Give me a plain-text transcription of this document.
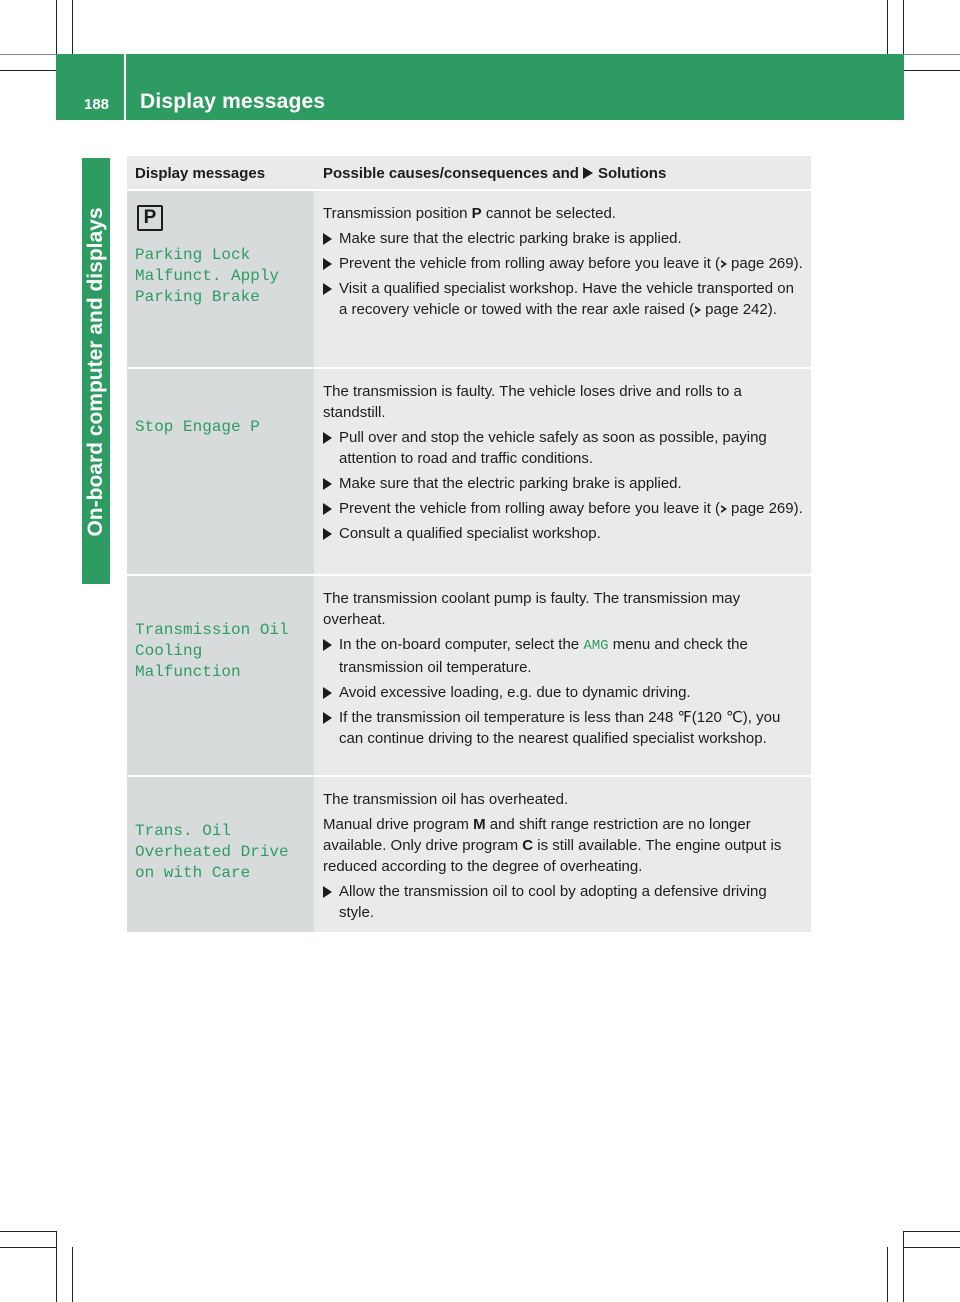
188 Display messages
On-board computer and displays
Display messages	Possible causes/consequences and Solutions
P
Parking Lock
Malfunct. Apply
Parking Brake

Transmission position P cannot be selected.

Make sure that the electric parking brake is applied.
Prevent the vehicle from rolling away before you leave it ( page 269).
Visit a qualified specialist workshop. Have the vehicle transported on a recovery vehicle or towed with the rear axle raised ( page 242).
Stop Engage P

The transmission is faulty. The vehicle loses drive and rolls to a standstill.

Pull over and stop the vehicle safely as soon as possible, paying attention to road and traffic conditions.
Make sure that the electric parking brake is applied.
Prevent the vehicle from rolling away before you leave it ( page 269).
Consult a qualified specialist workshop.
Transmission Oil
Cooling
Malfunction

The transmission coolant pump is faulty. The transmission may overheat.

In the on-board computer, select the AMG menu and check the transmission oil temperature.
Avoid excessive loading, e.g. due to dynamic driving.
If the transmission oil temperature is less than 248 ℉(120 ℃), you can continue driving to the nearest qualified specialist workshop.
Trans. Oil
Overheated Drive
on with Care

The transmission oil has overheated.

Manual drive program M and shift range restriction are no longer available. Only drive program C is still available. The engine output is reduced according to the degree of overheating.

Allow the transmission oil to cool by adopting a defensive driving style.
